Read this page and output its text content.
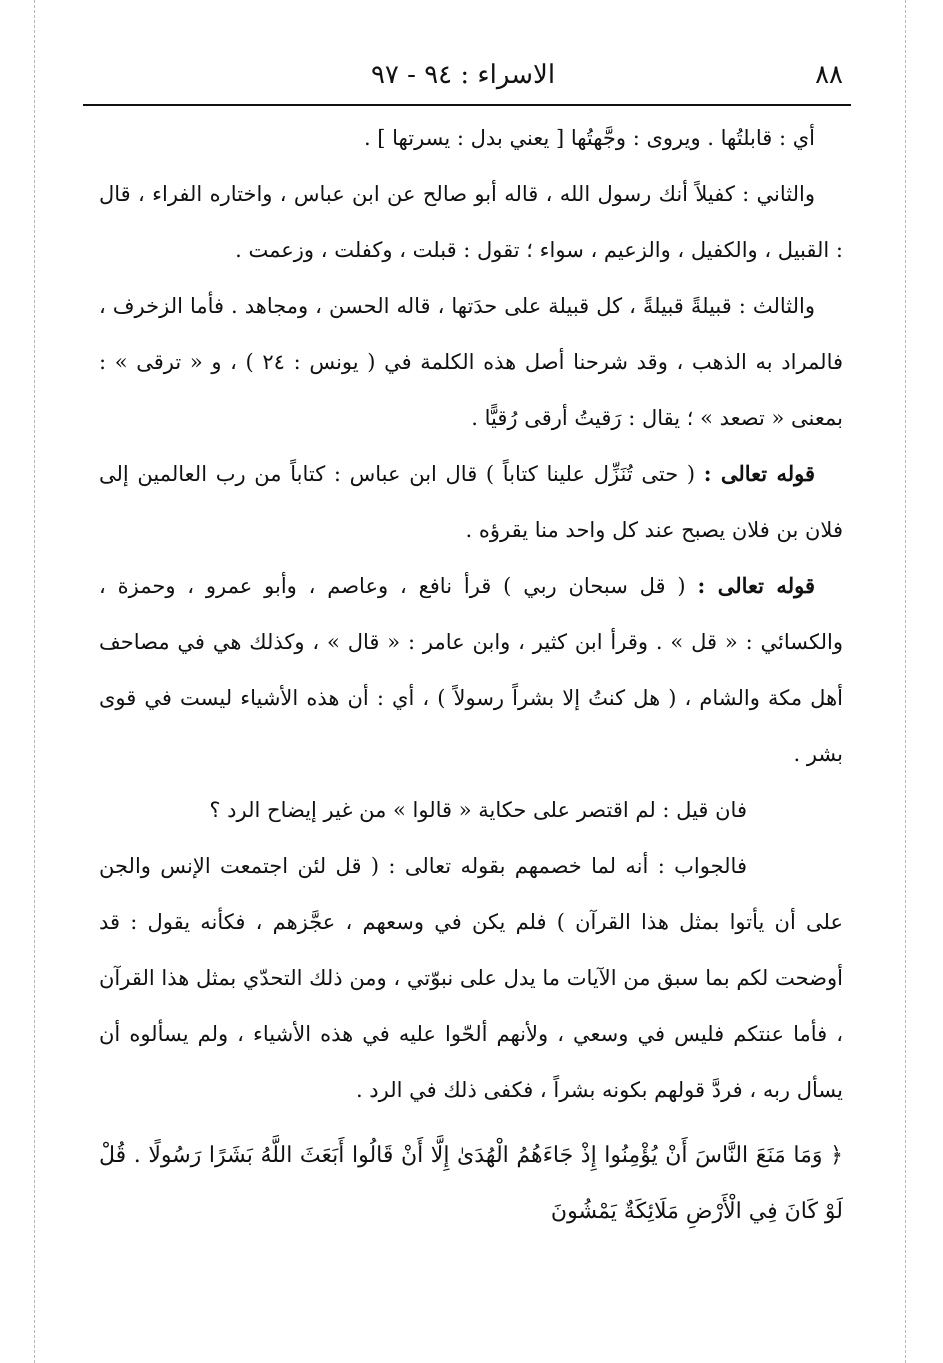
٨٨
الاسراء : ٩٤ - ٩٧

أي : قابلتُها . ويروى : وجَّهتُها [ يعني بدل : يسرتها ] .

والثاني : كفيلاً أنك رسول الله ، قاله أبو صالح عن ابن عباس ، واختاره الفراء ، قال : القبيل ، والكفيل ، والزعيم ، سواء ؛ تقول : قبلت ، وكفلت ، وزعمت .

والثالث : قبيلةً قبيلةً ، كل قبيلة على حدَتها ، قاله الحسن ، ومجاهد . فأما الزخرف ، فالمراد به الذهب ، وقد شرحنا أصل هذه الكلمة في ( يونس : ٢٤ ) ، و « ترقى » : بمعنى « تصعد » ؛ يقال : رَقيتُ أرقى رُقيًّا .

قوله تعالى : ( حتى تُنَزِّل علينا كتاباً ) قال ابن عباس : كتاباً من رب العالمين إلى فلان بن فلان يصبح عند كل واحد منا يقرؤه .

قوله تعالى : ( قل سبحان ربي ) قرأ نافع ، وعاصم ، وأبو عمرو ، وحمزة ، والكسائي : « قل » . وقرأ ابن كثير ، وابن عامر : « قال » ، وكذلك هي في مصاحف أهل مكة والشام ، ( هل كنتُ إلا بشراً رسولاً ) ، أي : أن هذه الأشياء ليست في قوى بشر .

فان قيل : لم اقتصر على حكاية « قالوا » من غير إيضاح الرد ؟

فالجواب : أنه لما خصمهم بقوله تعالى : ( قل لئن اجتمعت الإنس والجن على أن يأتوا بمثل هذا القرآن ) فلم يكن في وسعهم ، عجَّزهم ، فكأنه يقول : قد أوضحت لكم بما سبق من الآيات ما يدل على نبوّتي ، ومن ذلك التحدّي بمثل هذا القرآن ، فأما عنتكم فليس في وسعي ، ولأنهم ألحّوا عليه في هذه الأشياء ، ولم يسألوه أن يسأل ربه ، فردَّ قولهم بكونه بشراً ، فكفى ذلك في الرد .

﴿ وَمَا مَنَعَ النَّاسَ أَنْ يُؤْمِنُوا إِذْ جَاءَهُمُ الْهُدَىٰ إِلَّا أَنْ قَالُوا أَبَعَثَ اللَّهُ بَشَرًا رَسُولًا . قُلْ لَوْ كَانَ فِي الْأَرْضِ مَلَائِكَةٌ يَمْشُونَ
